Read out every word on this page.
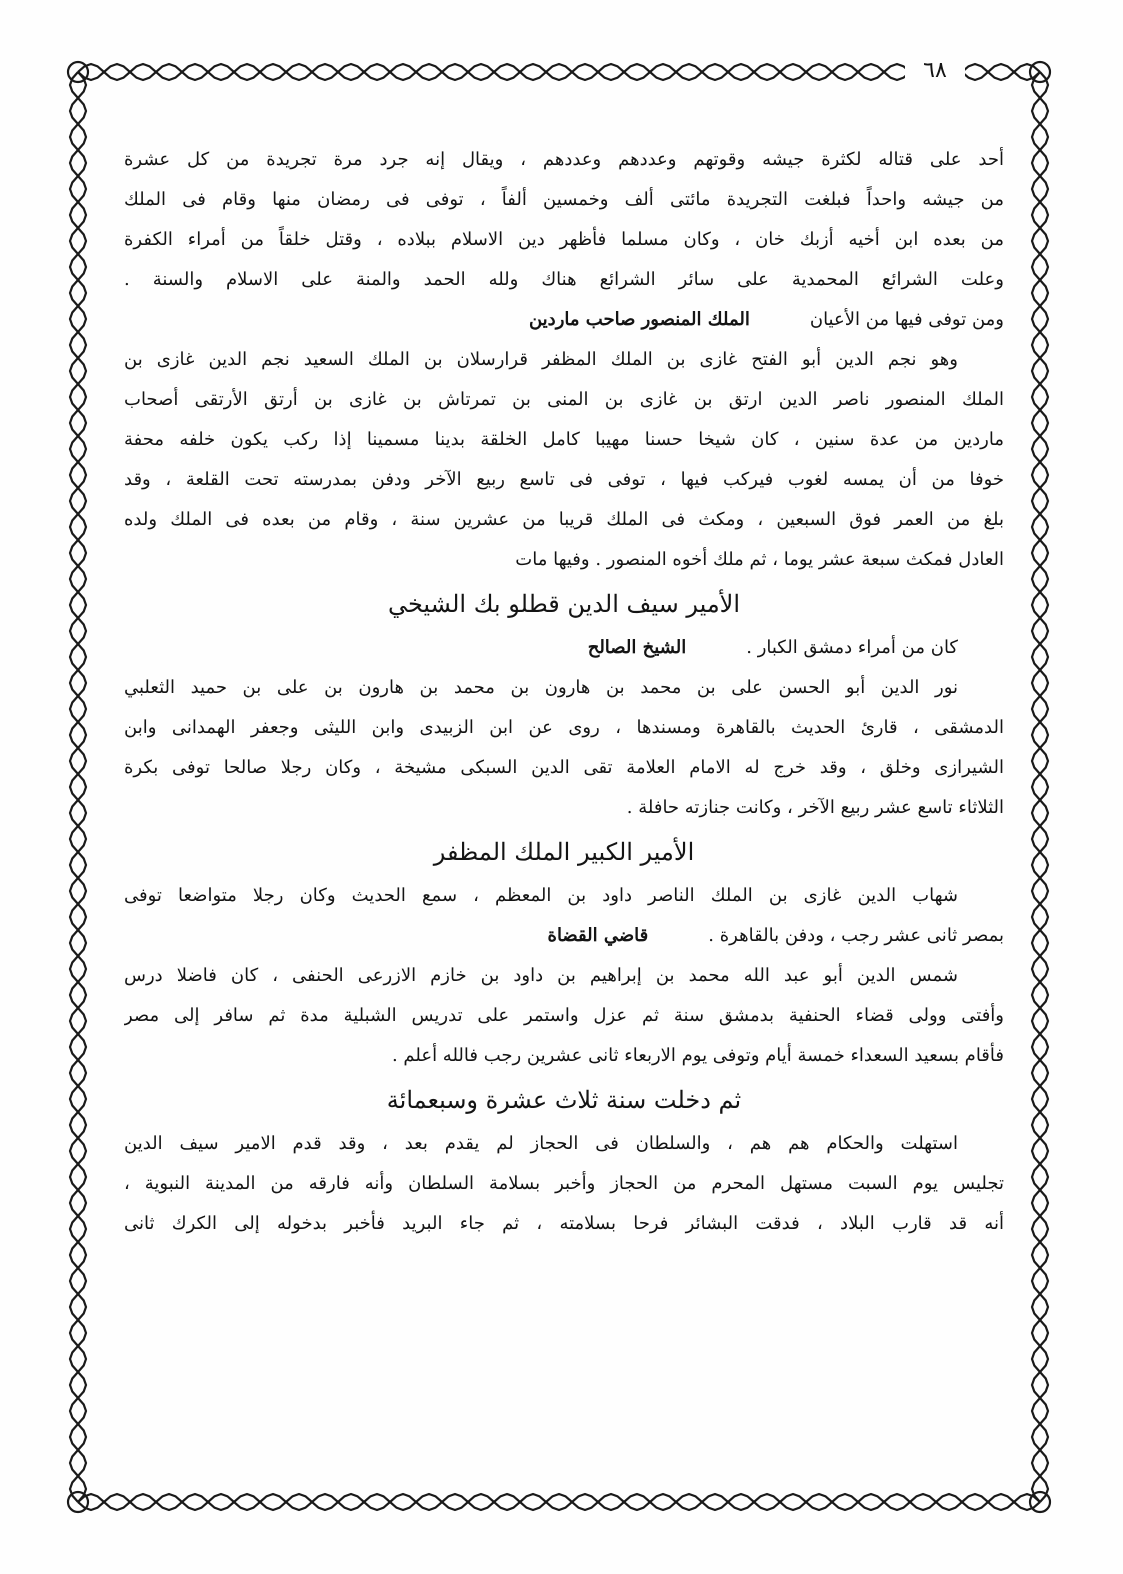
٦٨
أحد على قتاله لكثرة جيشه وقوتهم وعددهم وعددهم ، ويقال إنه جرد مرة تجريدة من كل عشرة
من جيشه واحداً فبلغت التجريدة مائتى ألف وخمسين ألفاً ، توفى فى رمضان منها وقام فى الملك
من بعده ابن أخيه أزبك خان ، وكان مسلما فأظهر دين الاسلام ببلاده ، وقتل خلقاً من أمراء الكفرة
وعلت الشرائع المحمدية على سائر الشرائع هناك ولله الحمد والمنة على الاسلام والسنة .
ومن توفى فيها من الأعيان
الملك المنصور صاحب ماردين
وهو نجم الدين أبو الفتح غازى بن الملك المظفر قرارسلان بن الملك السعيد نجم الدين غازى بن
الملك المنصور ناصر الدين ارتق بن غازى بن المنى بن تمرتاش بن غازى بن أرتق الأرتقى أصحاب
ماردين من عدة سنين ، كان شيخا حسنا مهيبا كامل الخلقة بدينا مسمينا إذا ركب يكون خلفه محفة
خوفا من أن يمسه لغوب فيركب فيها ، توفى فى تاسع ربيع الآخر ودفن بمدرسته تحت القلعة ، وقد
بلغ من العمر فوق السبعين ، ومكث فى الملك قريبا من عشرين سنة ، وقام من بعده فى الملك ولده
العادل فمكث سبعة عشر يوما ، ثم ملك أخوه المنصور . وفيها مات
الأمير سيف الدين قطلو بك الشيخي
كان من أمراء دمشق الكبار .
الشيخ الصالح
نور الدين أبو الحسن على بن محمد بن هارون بن محمد بن هارون بن على بن حميد الثعلبي
الدمشقى ، قارئ الحديث بالقاهرة ومسندها ، روى عن ابن الزبيدى وابن الليثى وجعفر الهمدانى وابن
الشيرازى وخلق ، وقد خرج له الامام العلامة تقى الدين السبكى مشيخة ، وكان رجلا صالحا توفى بكرة
الثلاثاء تاسع عشر ربيع الآخر ، وكانت جنازته حافلة .
الأمير الكبير الملك المظفر
شهاب الدين غازى بن الملك الناصر داود بن المعظم ، سمع الحديث وكان رجلا متواضعا توفى
بمصر ثانى عشر رجب ، ودفن بالقاهرة .
قاضي القضاة
شمس الدين أبو عبد الله محمد بن إبراهيم بن داود بن خازم الازرعى الحنفى ، كان فاضلا درس
وأفتى وولى قضاء الحنفية بدمشق سنة ثم عزل واستمر على تدريس الشبلية مدة ثم سافر إلى مصر
فأقام بسعيد السعداء خمسة أيام وتوفى يوم الاربعاء ثانى عشرين رجب فالله أعلم .
ثم دخلت سنة ثلاث عشرة وسبعمائة
استهلت والحكام هم هم ، والسلطان فى الحجاز لم يقدم بعد ، وقد قدم الامير سيف الدين
تجليس يوم السبت مستهل المحرم من الحجاز وأخبر بسلامة السلطان وأنه فارقه من المدينة النبوية ،
أنه قد قارب البلاد ، فدقت البشائر فرحا بسلامته ، ثم جاء البريد فأخبر بدخوله إلى الكرك ثانى
